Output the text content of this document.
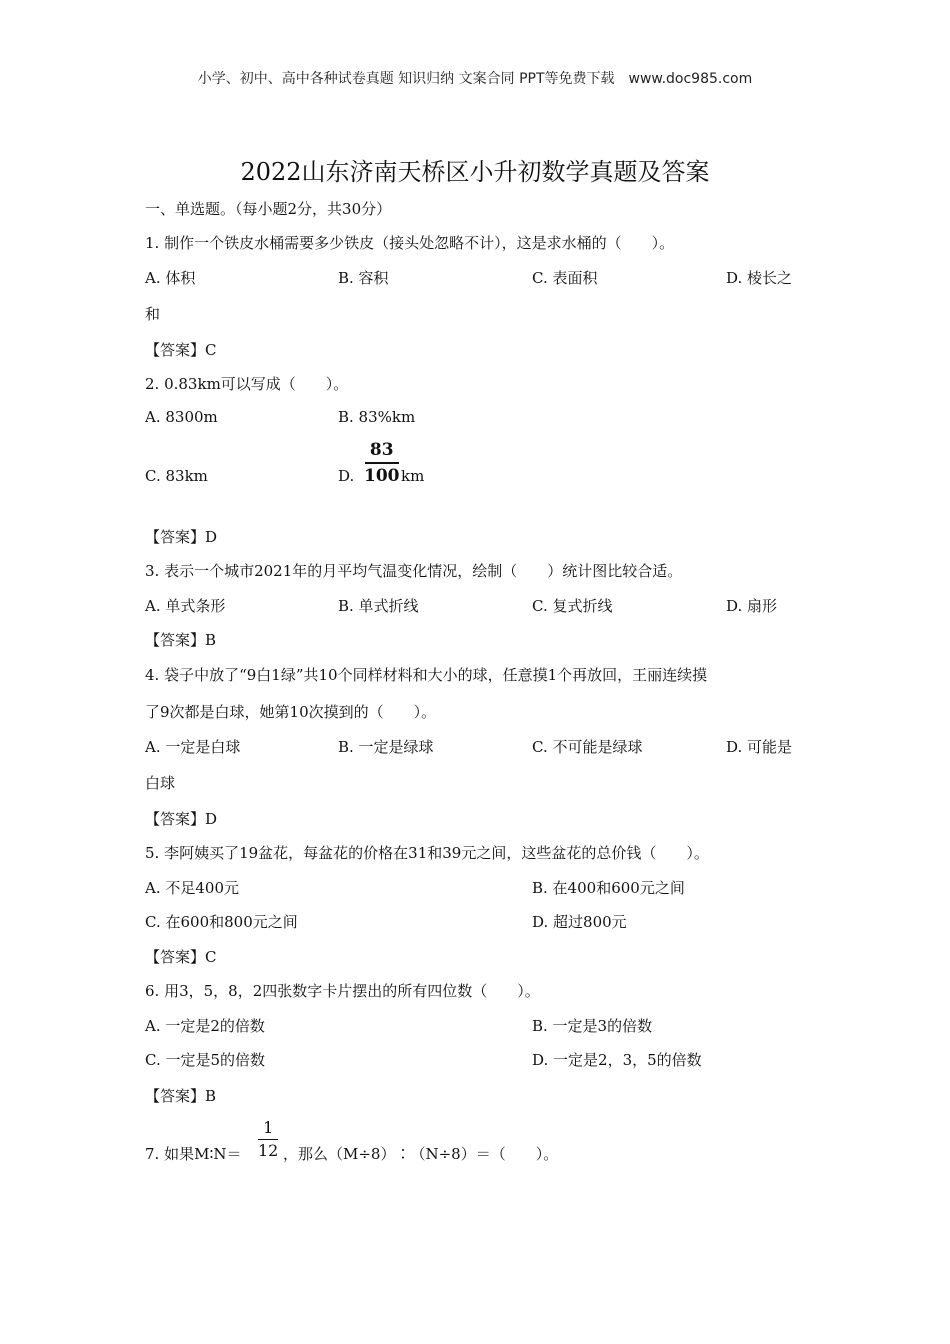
小学、初中、高中各种试卷真题 知识归纳 文案合同 PPT等免费下载　www.doc985.com
2022山东济南天桥区小升初数学真题及答案
一、单选题。（每小题2分，共30分）
1. 制作一个铁皮水桶需要多少铁皮（接头处忽略不计），这是求水桶的（　　）。
A. 体积	B. 容积	C. 表面积	D. 棱长之
和
【答案】C
2. 0.83km可以写成（　　）。
A. 8300m	B. 83%km
C. 83km	D.
83
100 km
【答案】D
3. 表示一个城市2021年的月平均气温变化情况，绘制（　　）统计图比较合适。
A. 单式条形	B. 单式折线	C. 复式折线	D. 扇形
【答案】B
4. 袋子中放了“9白1绿”共10个同样材料和大小的球，任意摸1个再放回，王丽连续摸
了9次都是白球，她第10次摸到的（　　）。
A. 一定是白球	B. 一定是绿球	C. 不可能是绿球	D. 可能是
白球
【答案】D
5. 李阿姨买了19盆花，每盆花的价格在31和39元之间，这些盆花的总价钱（　　）。
A. 不足400元	B. 在400和600元之间
C. 在600和800元之间	D. 超过800元
【答案】C
6. 用3，5，8，2四张数字卡片摆出的所有四位数（　　）。
A. 一定是2的倍数	B. 一定是3的倍数
C. 一定是5的倍数	D. 一定是2，3，5的倍数
【答案】B
7. 如果M∶N＝
1
12 ，那么（M÷8）∶（N÷8）＝（　　）。
